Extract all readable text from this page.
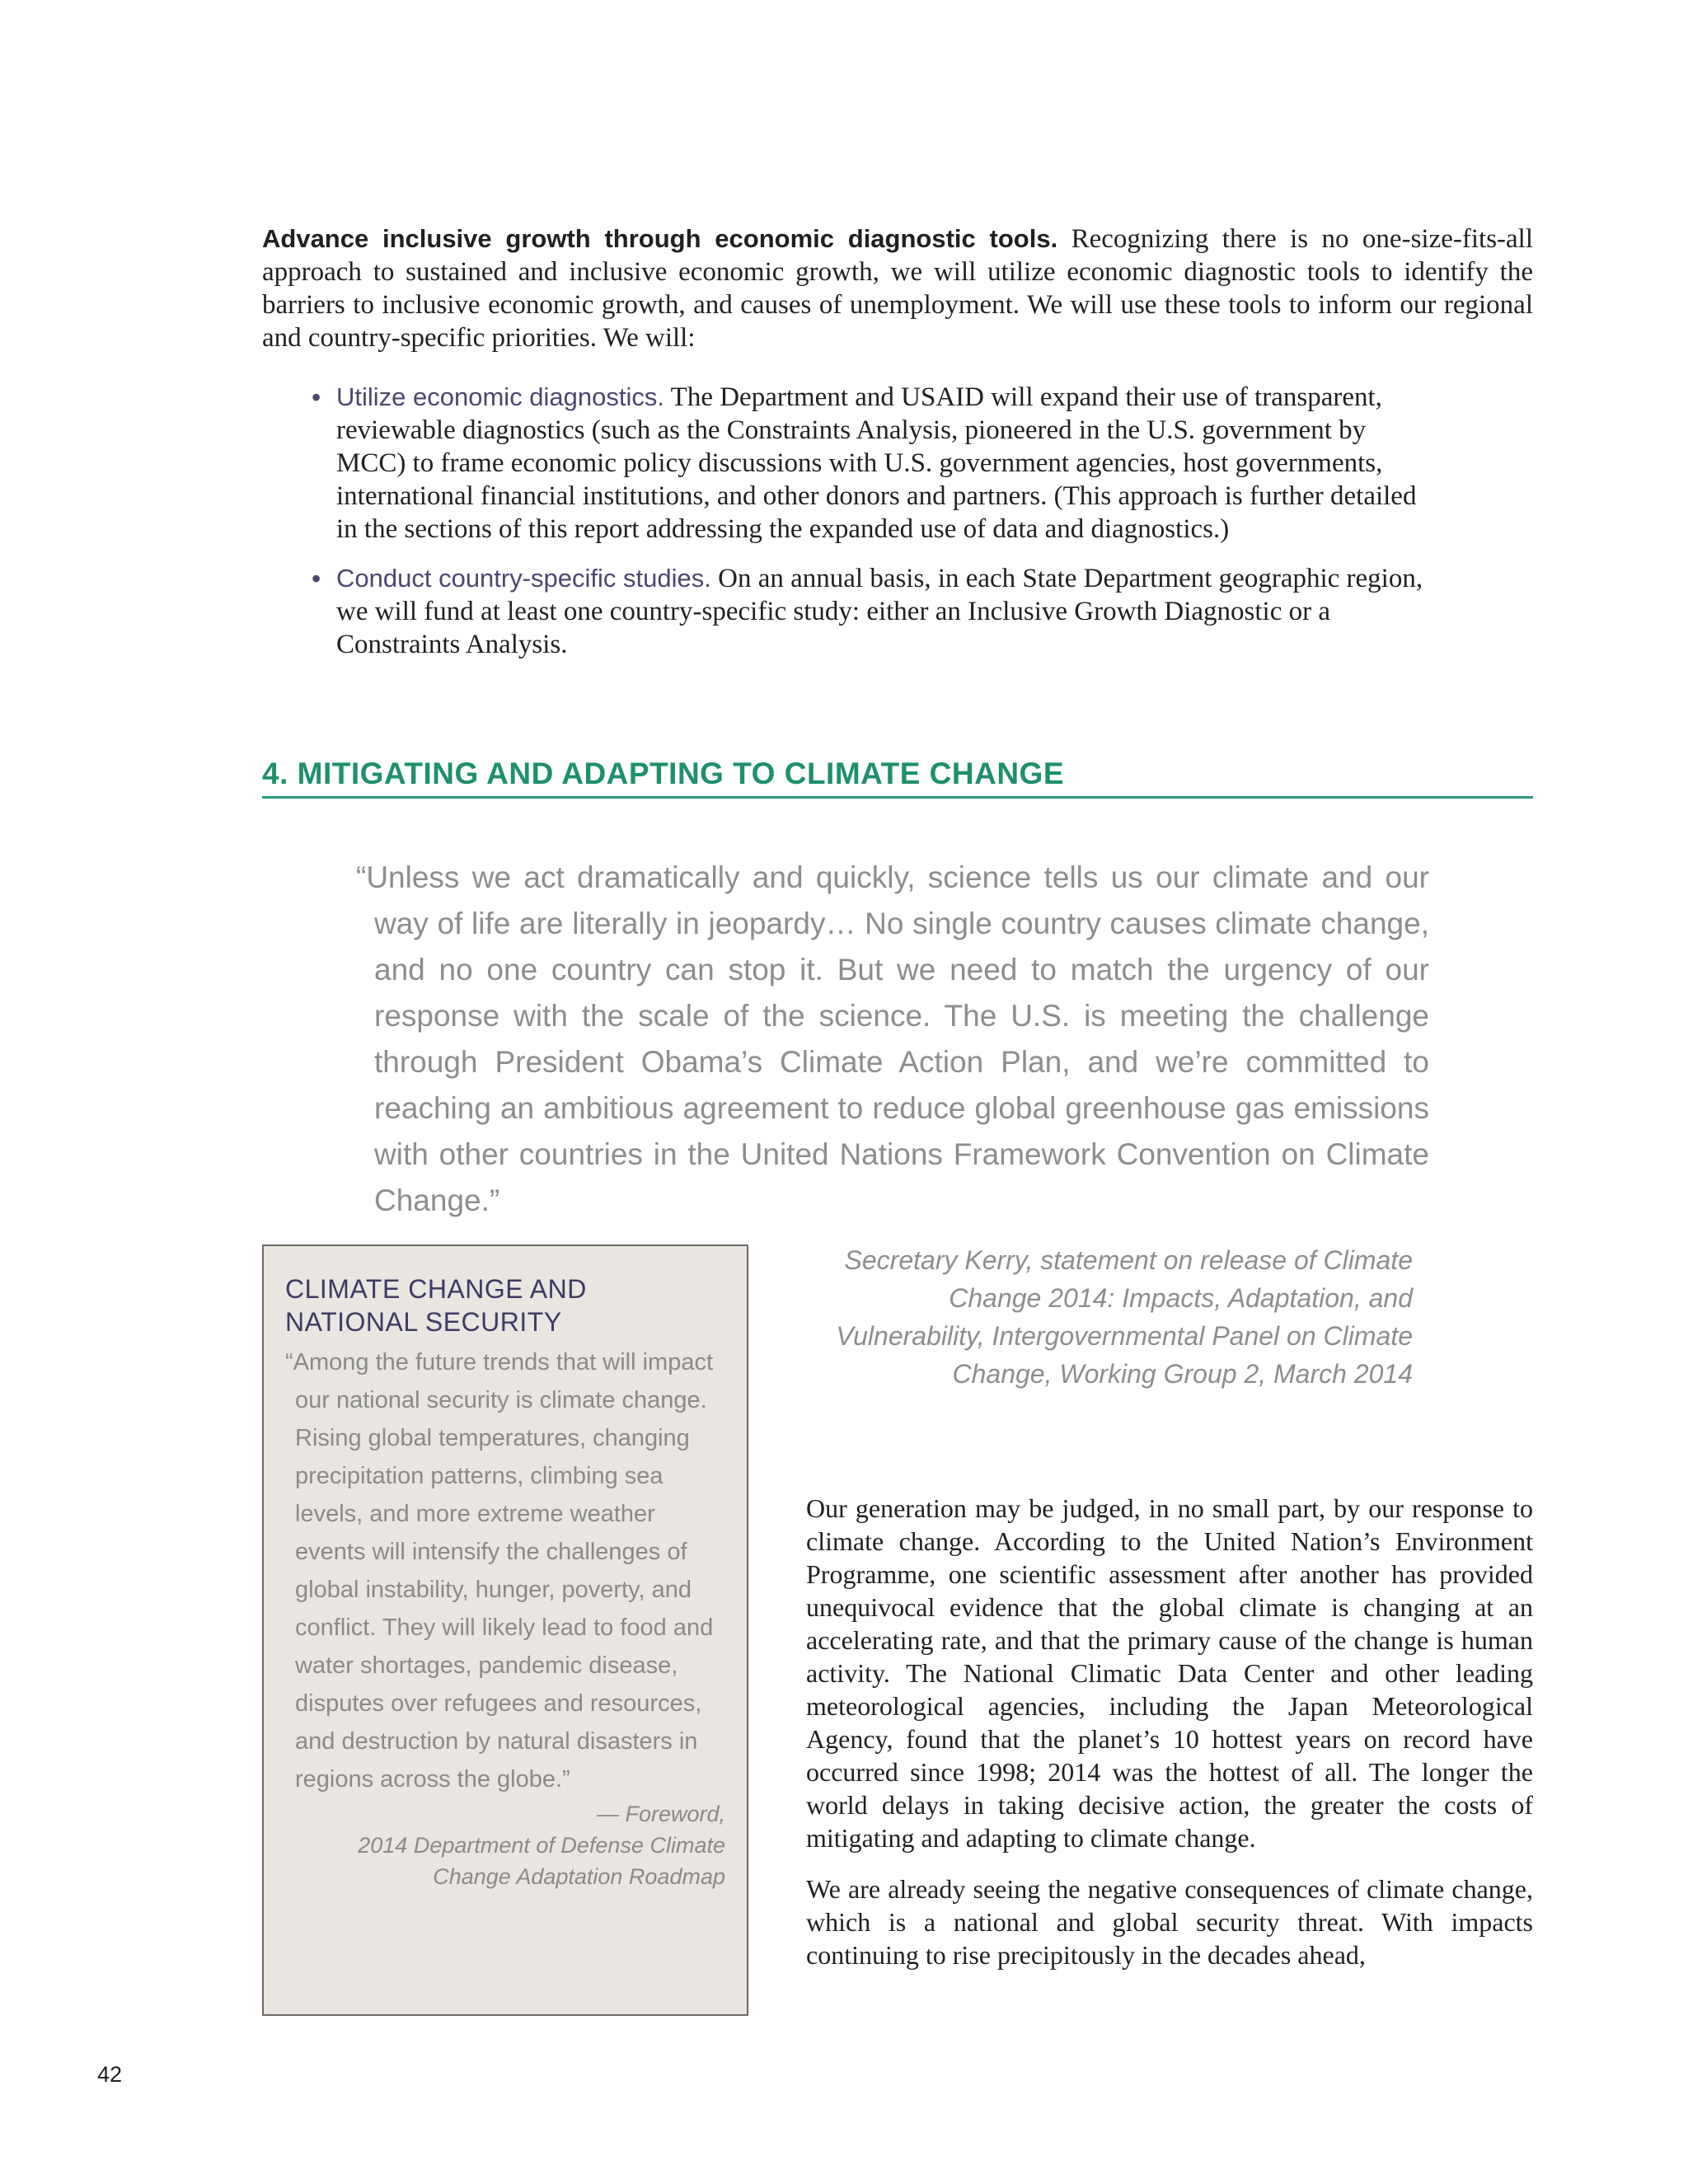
Advance inclusive growth through economic diagnostic tools. Recognizing there is no one-size-fits-all approach to sustained and inclusive economic growth, we will utilize economic diagnostic tools to identify the barriers to inclusive economic growth, and causes of unemployment. We will use these tools to inform our regional and country-specific priorities. We will:

• Utilize economic diagnostics. The Department and USAID will expand their use of transparent, reviewable diagnostics (such as the Constraints Analysis, pioneered in the U.S. government by MCC) to frame economic policy discussions with U.S. government agencies, host governments, international financial institutions, and other donors and partners. (This approach is further detailed in the sections of this report addressing the expanded use of data and diagnostics.)
• Conduct country-specific studies. On an annual basis, in each State Department geographic region, we will fund at least one country-specific study: either an Inclusive Growth Diagnostic or a Constraints Analysis.
4. MITIGATING AND ADAPTING TO CLIMATE CHANGE

“Unless we act dramatically and quickly, science tells us our climate and our way of life are literally in jeopardy… No single country causes climate change, and no one country can stop it. But we need to match the urgency of our response with the scale of the science. The U.S. is meeting the challenge through President Obama’s Climate Action Plan, and we’re committed to reaching an ambitious agreement to reduce global greenhouse gas emissions with other countries in the United Nations Framework Convention on Climate Change.”

Secretary Kerry, statement on release of Climate Change 2014: Impacts, Adaptation, and Vulnerability, Intergovernmental Panel on Climate Change, Working Group 2, March 2014

CLIMATE CHANGE AND NATIONAL SECURITY

“Among the future trends that will impact our national security is climate change. Rising global temperatures, changing precipitation patterns, climbing sea levels, and more extreme weather events will intensify the challenges of global instability, hunger, poverty, and conflict. They will likely lead to food and water shortages, pandemic disease, disputes over refugees and resources, and destruction by natural disasters in regions across the globe.”

— Foreword,
2014 Department of Defense Climate Change Adaptation Roadmap

Our generation may be judged, in no small part, by our response to climate change. According to the United Nation’s Environment Programme, one scientific assessment after another has provided unequivocal evidence that the global climate is changing at an accelerating rate, and that the primary cause of the change is human activity. The National Climatic Data Center and other leading meteorological agencies, including the Japan Meteorological Agency, found that the planet’s 10 hottest years on record have occurred since 1998; 2014 was the hottest of all. The longer the world delays in taking decisive action, the greater the costs of mitigating and adapting to climate change.

We are already seeing the negative consequences of climate change, which is a national and global security threat. With impacts continuing to rise precipitously in the decades ahead,

42
